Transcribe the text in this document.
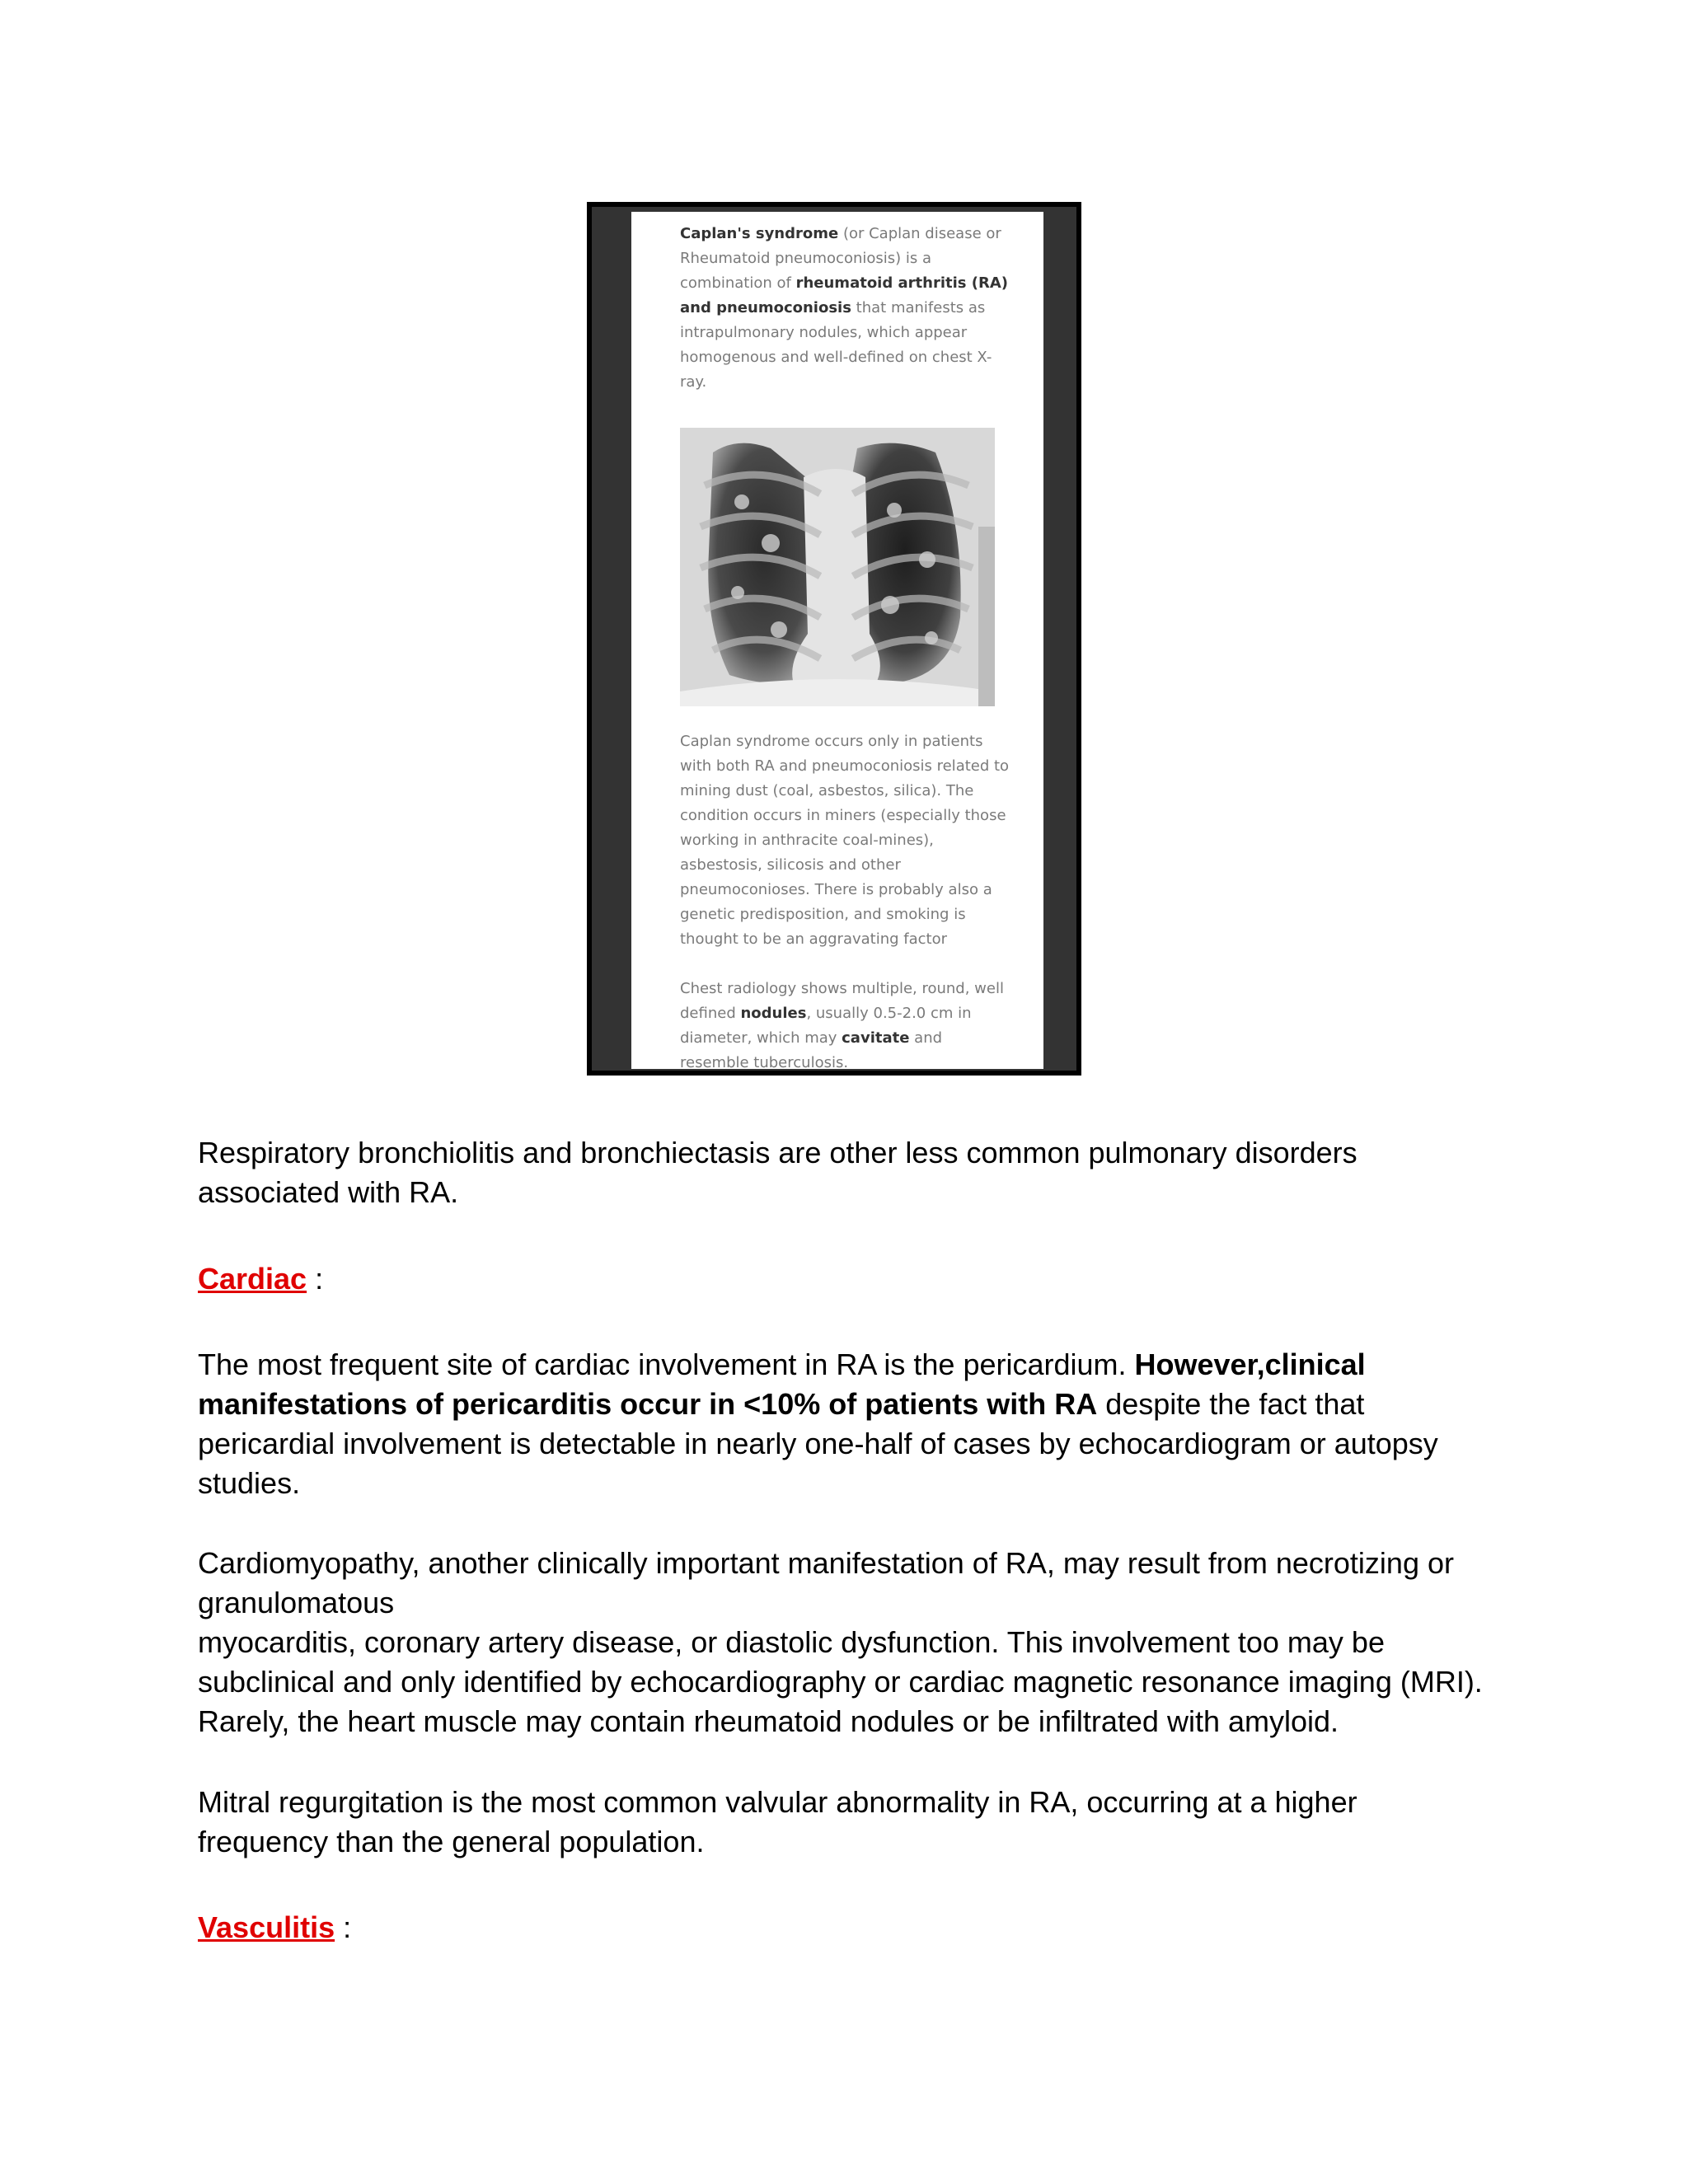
Caplan's syndrome (or Caplan disease or Rheumatoid pneumoconiosis) is a combination of rheumatoid arthritis (RA) and pneumoconiosis that manifests as intrapulmonary nodules, which appear homogenous and well-defined on chest X-ray.

Caplan syndrome occurs only in patients with both RA and pneumoconiosis related to mining dust (coal, asbestos, silica). The condition occurs in miners (especially those working in anthracite coal-mines), asbestosis, silicosis and other pneumoconioses. There is probably also a genetic predisposition, and smoking is thought to be an aggravating factor

Chest radiology shows multiple, round, well defined nodules, usually 0.5-2.0 cm in diameter, which may cavitate and resemble tuberculosis.

Respiratory bronchiolitis and bronchiectasis are other less common pulmonary disorders associated with RA.
Cardiac :
The most frequent site of cardiac involvement in RA is the pericardium. However,clinical manifestations of pericarditis occur in <10% of patients with RA despite the fact that pericardial involvement is detectable in nearly one-half of cases by echocardiogram or autopsy studies.
Cardiomyopathy, another clinically important manifestation of RA, may result from necrotizing or granulomatous
myocarditis, coronary artery disease, or diastolic dysfunction. This involvement too may be subclinical and only identified by echocardiography or cardiac magnetic resonance imaging (MRI). Rarely, the heart muscle may contain rheumatoid nodules or be infiltrated with amyloid.
Mitral regurgitation is the most common valvular abnormality in RA, occurring at a higher frequency than the general population.
Vasculitis :
